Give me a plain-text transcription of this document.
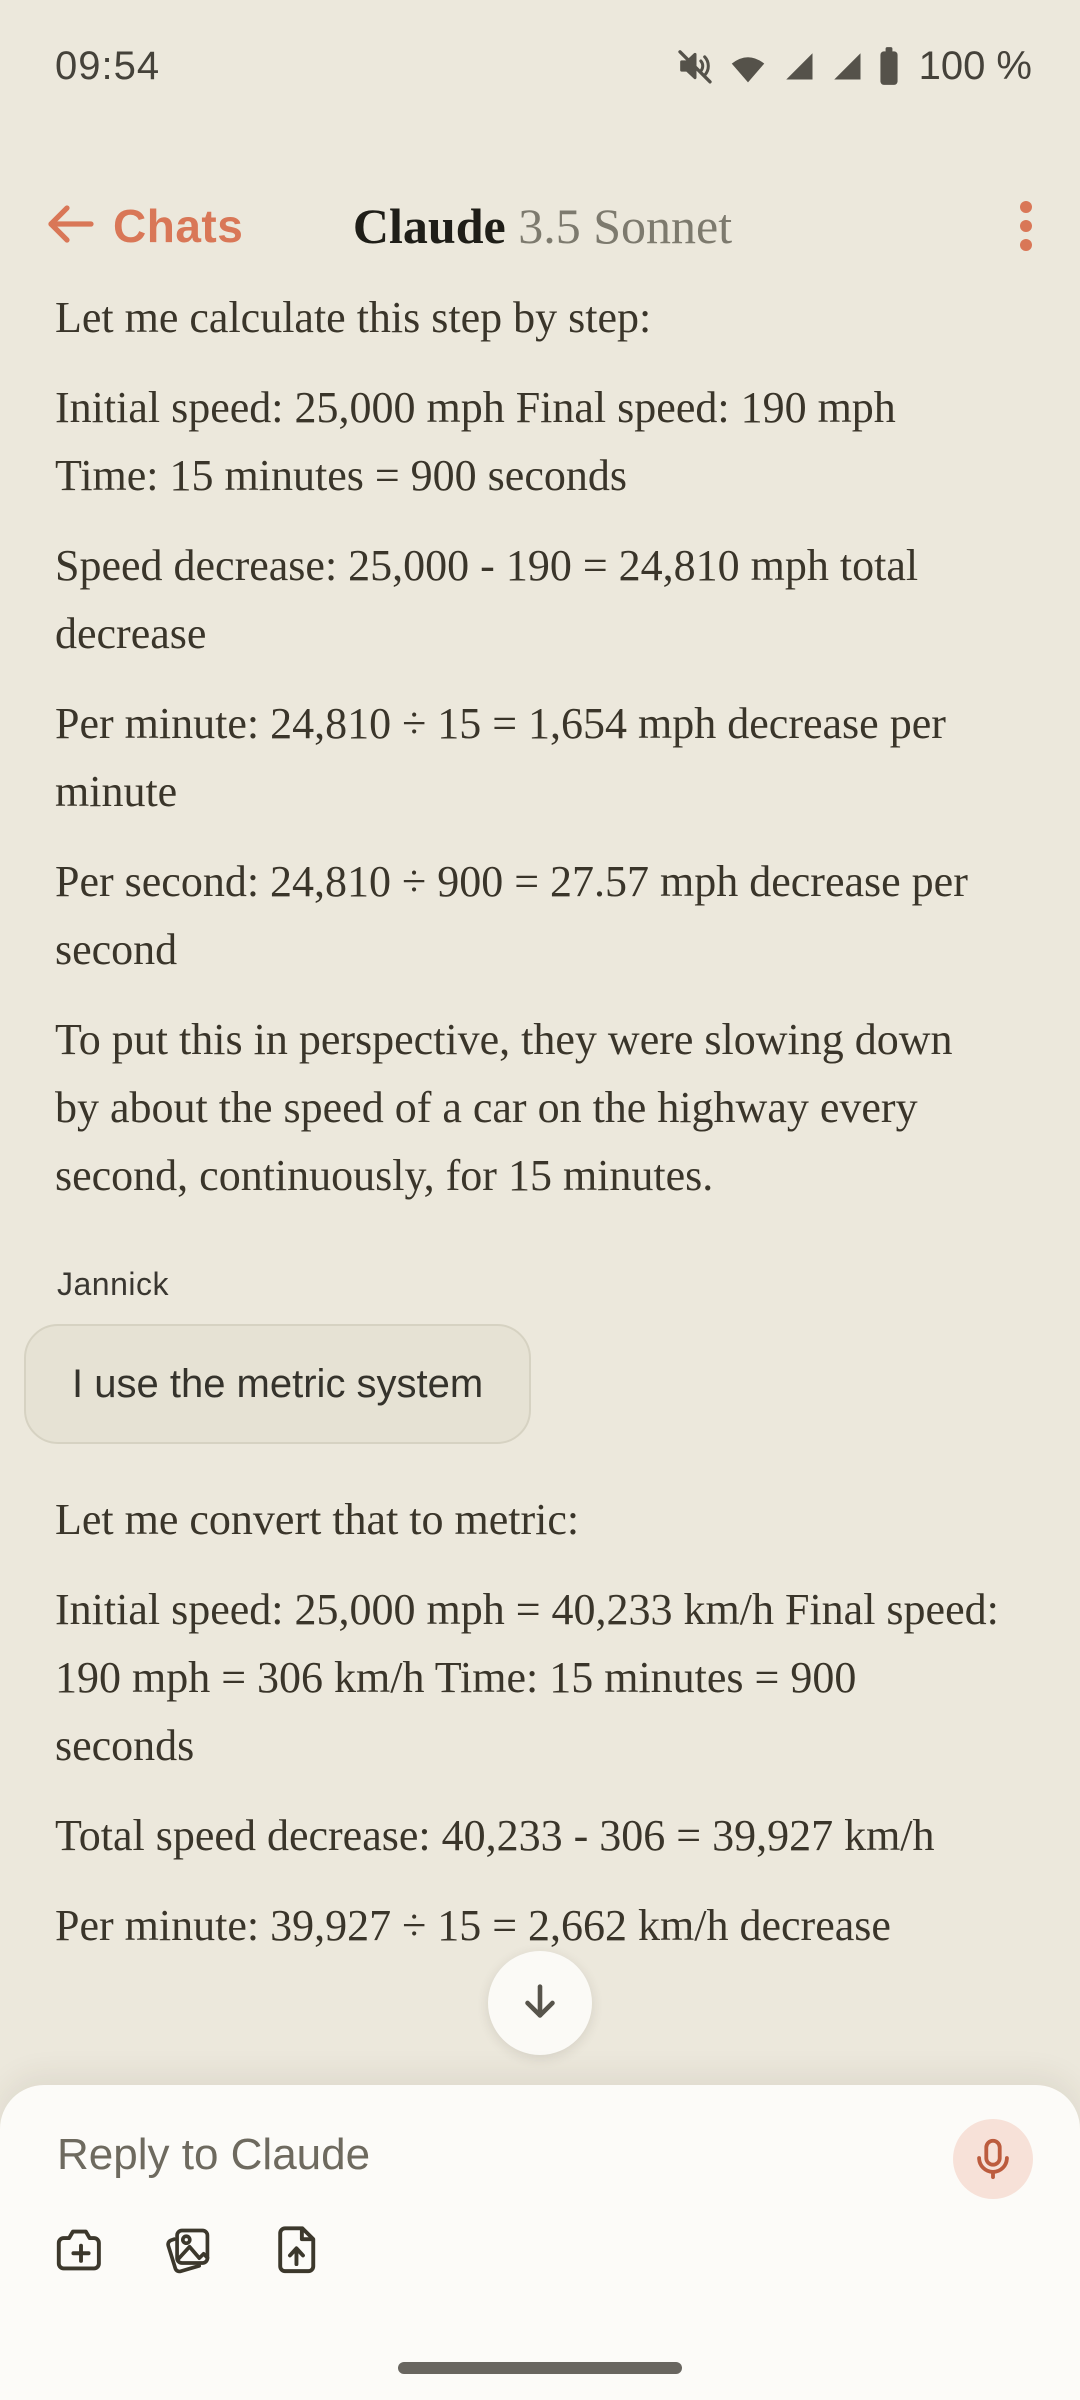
09:54	100 %
Chats	Claude 3.5 Sonnet

Let me calculate this step by step:

Initial speed: 25,000 mph Final speed: 190 mph Time: 15 minutes = 900 seconds

Speed decrease: 25,000 - 190 = 24,810 mph total decrease

Per minute: 24,810 ÷ 15 = 1,654 mph decrease per minute

Per second: 24,810 ÷ 900 = 27.57 mph decrease per second

To put this in perspective, they were slowing down by about the speed of a car on the highway every second, continuously, for 15 minutes.

Jannick
I use the metric system

Let me convert that to metric:

Initial speed: 25,000 mph = 40,233 km/h Final speed: 190 mph = 306 km/h Time: 15 minutes = 900 seconds

Total speed decrease: 40,233 - 306 = 39,927 km/h

Per minute: 39,927 ÷ 15 = 2,662 km/h decrease

Reply to Claude
